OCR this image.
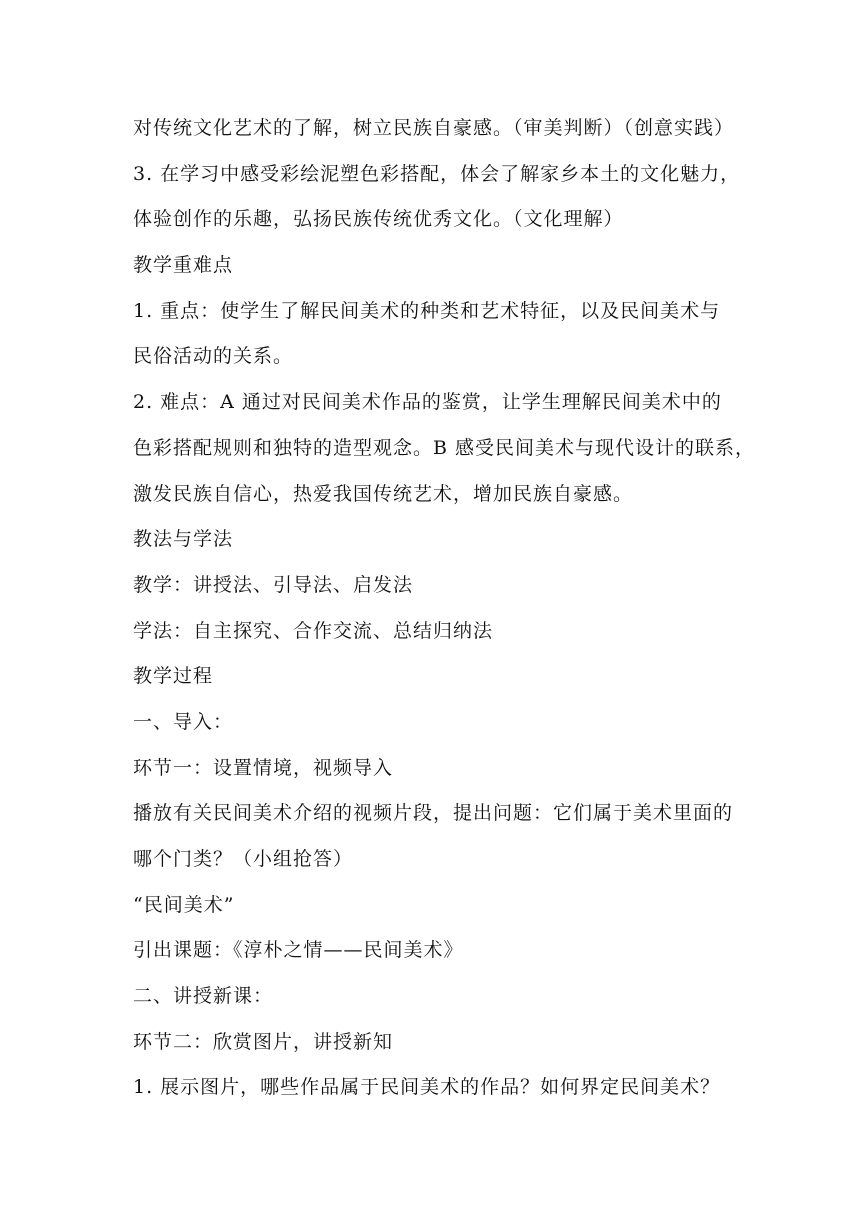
对传统文化艺术的了解，树立民族自豪感。（审美判断）（创意实践）
3. 在学习中感受彩绘泥塑色彩搭配，体会了解家乡本土的文化魅力，
体验创作的乐趣，弘扬民族传统优秀文化。（文化理解）
教学重难点
1. 重点：使学生了解民间美术的种类和艺术特征，以及民间美术与
民俗活动的关系。
2. 难点：A 通过对民间美术作品的鉴赏，让学生理解民间美术中的
色彩搭配规则和独特的造型观念。B 感受民间美术与现代设计的联系，
激发民族自信心，热爱我国传统艺术，增加民族自豪感。
教法与学法
教学：讲授法、引导法、启发法
学法：自主探究、合作交流、总结归纳法
教学过程
一、导入：
环节一：设置情境，视频导入
播放有关民间美术介绍的视频片段，提出问题：它们属于美术里面的
哪个门类？（小组抢答）
“民间美术”
引出课题：《淳朴之情——民间美术》
二、讲授新课：
环节二：欣赏图片，讲授新知
1. 展示图片，哪些作品属于民间美术的作品？如何界定民间美术？
